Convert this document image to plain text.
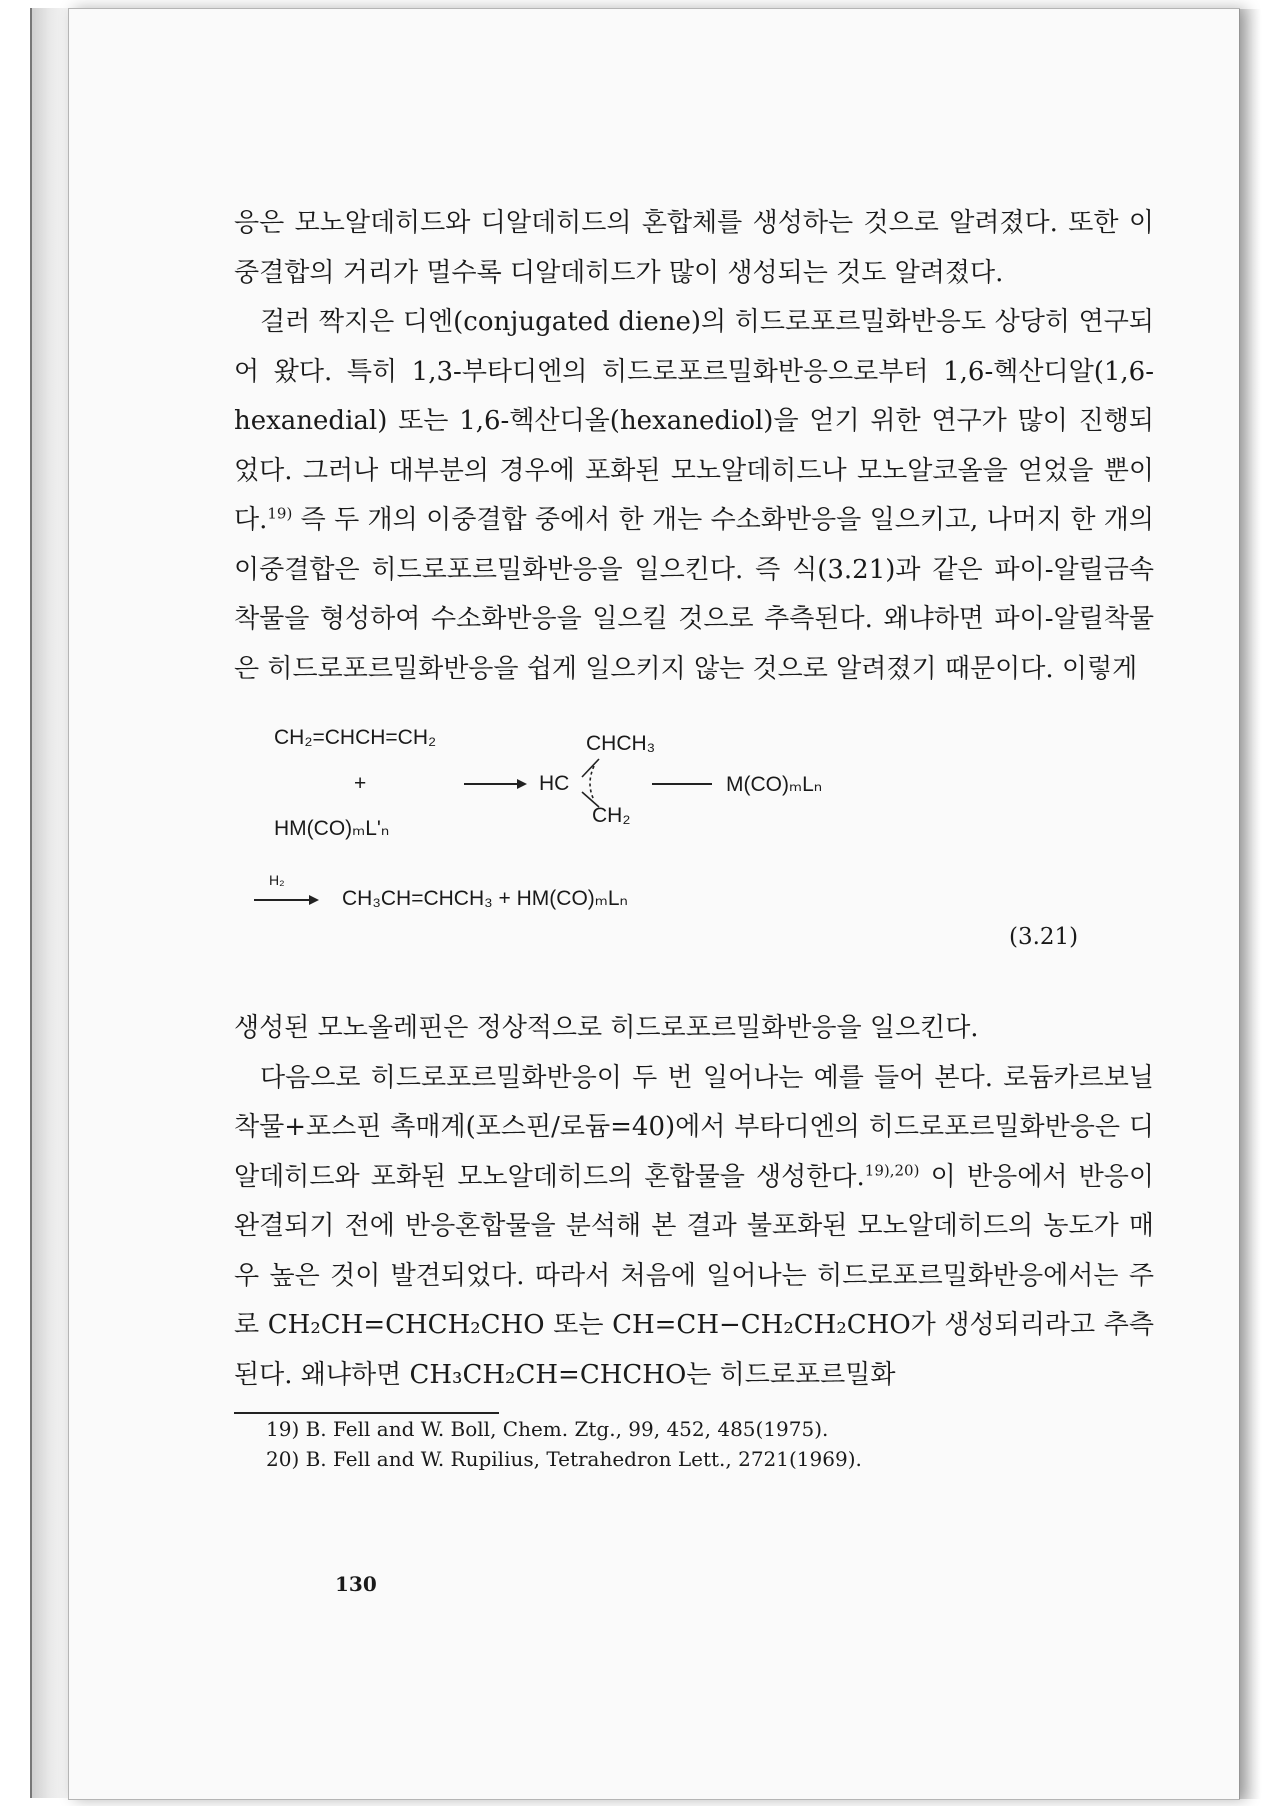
응은 모노알데히드와 디알데히드의 혼합체를 생성하는 것으로 알려졌다. 또한 이중결합의 거리가 멀수록 디알데히드가 많이 생성되는 것도 알려졌다.

걸러 짝지은 디엔(conjugated diene)의 히드로포르밀화반응도 상당히 연구되어 왔다. 특히 1,3-부타디엔의 히드로포르밀화반응으로부터 1,6-헥산디알(1,6-hexanedial) 또는 1,6-헥산디올(hexanediol)을 얻기 위한 연구가 많이 진행되었다. 그러나 대부분의 경우에 포화된 모노알데히드나 모노알코올을 얻었을 뿐이다.$^{19)}$ 즉 두 개의 이중결합 중에서 한 개는 수소화반응을 일으키고, 나머지 한 개의 이중결합은 히드로포르밀화반응을 일으킨다. 즉 식(3.21)과 같은 파이-알릴금속 착물을 형성하여 수소화반응을 일으킬 것으로 추측된다. 왜냐하면 파이-알릴착물은 히드로포르밀화반응을 쉽게 일으키지 않는 것으로 알려졌기 때문이다. 이렇게

CH₂=CHCH=CH₂
+
HM(CO)ₘL'ₙ
HC
CHCH₃
CH₂
M(CO)ₘLₙ
H₂
CH₃CH=CHCH₃ + HM(CO)ₘLₙ
(3.21)

생성된 모노올레핀은 정상적으로 히드로포르밀화반응을 일으킨다.

다음으로 히드로포르밀화반응이 두 번 일어나는 예를 들어 본다. 로듐카르보닐착물+포스핀 촉매계(포스핀/로듐=40)에서 부타디엔의 히드로포르밀화반응은 디알데히드와 포화된 모노알데히드의 혼합물을 생성한다.$^{19),20)}$ 이 반응에서 반응이 완결되기 전에 반응혼합물을 분석해 본 결과 불포화된 모노알데히드의 농도가 매우 높은 것이 발견되었다. 따라서 처음에 일어나는 히드로포르밀화반응에서는 주로 CH₂CH=CHCH₂CHO 또는 CH=CH−CH₂CH₂CHO가 생성되리라고 추측된다. 왜냐하면 CH₃CH₂CH=CHCHO는 히드로포르밀화

19) B. Fell and W. Boll, Chem. Ztg., 99, 452, 485(1975).
20) B. Fell and W. Rupilius, Tetrahedron Lett., 2721(1969).
130
